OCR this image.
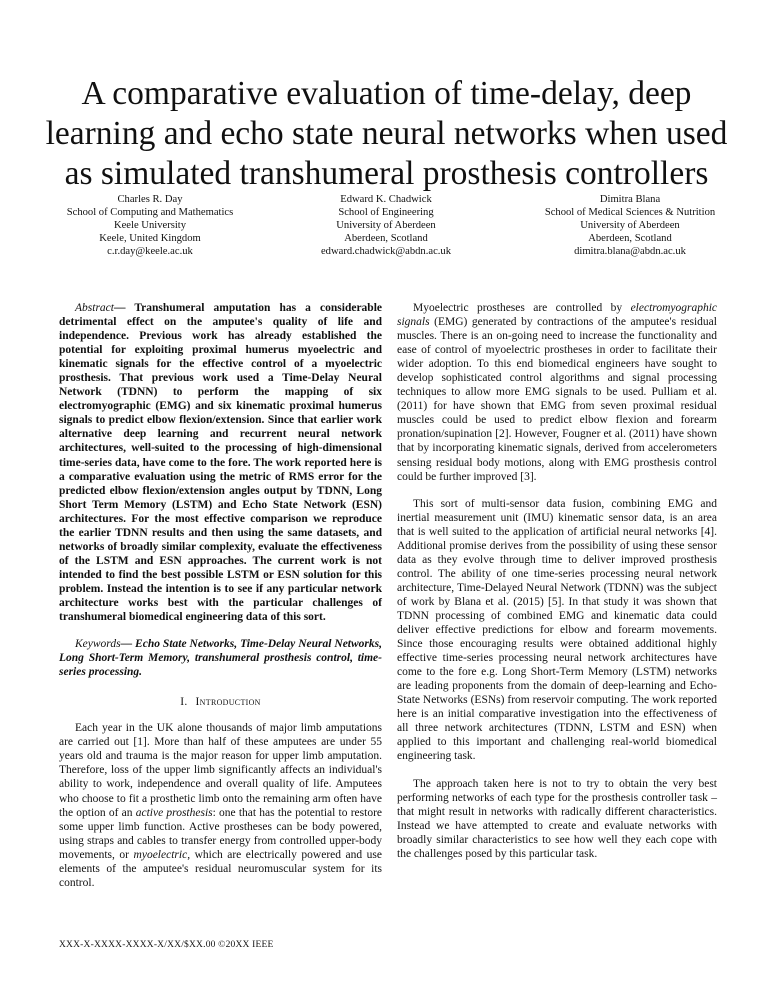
A comparative evaluation of time-delay, deep learning and echo state neural networks when used as simulated transhumeral prosthesis controllers
Charles R. Day
School of Computing and Mathematics
Keele University
Keele, United Kingdom
c.r.day@keele.ac.uk
Edward K. Chadwick
School of Engineering
University of Aberdeen
Aberdeen, Scotland
edward.chadwick@abdn.ac.uk
Dimitra Blana
School of Medical Sciences & Nutrition
University of Aberdeen
Aberdeen, Scotland
dimitra.blana@abdn.ac.uk

Abstract— Transhumeral amputation has a considerable detrimental effect on the amputee's quality of life and independence. Previous work has already established the potential for exploiting proximal humerus myoelectric and kinematic signals for the effective control of a myoelectric prosthesis. That previous work used a Time-Delay Neural Network (TDNN) to perform the mapping of six electromyographic (EMG) and six kinematic proximal humerus signals to predict elbow flexion/extension. Since that earlier work alternative deep learning and recurrent neural network architectures, well-suited to the processing of high-dimensional time-series data, have come to the fore. The work reported here is a comparative evaluation using the metric of RMS error for the predicted elbow flexion/extension angles output by TDNN, Long Short Term Memory (LSTM) and Echo State Network (ESN) architectures. For the most effective comparison we reproduce the earlier TDNN results and then using the same datasets, and networks of broadly similar complexity, evaluate the effectiveness of the LSTM and ESN approaches. The current work is not intended to find the best possible LSTM or ESN solution for this problem. Instead the intention is to see if any particular network architecture works best with the particular challenges of transhumeral biomedical engineering data of this sort.

Keywords— Echo State Networks, Time-Delay Neural Networks, Long Short-Term Memory, transhumeral prosthesis control, time-series processing.

I. Introduction

Each year in the UK alone thousands of major limb amputations are carried out [1]. More than half of these amputees are under 55 years old and trauma is the major reason for upper limb amputation. Therefore, loss of the upper limb significantly affects an individual's ability to work, independence and overall quality of life. Amputees who choose to fit a prosthetic limb onto the remaining arm often have the option of an active prosthesis: one that has the potential to restore some upper limb function. Active prostheses can be body powered, using straps and cables to transfer energy from controlled upper-body movements, or myoelectric, which are electrically powered and use elements of the amputee's residual neuromuscular system for its control.

Myoelectric prostheses are controlled by electromyographic signals (EMG) generated by contractions of the amputee's residual muscles. There is an on-going need to increase the functionality and ease of control of myoelectric prostheses in order to facilitate their wider adoption. To this end biomedical engineers have sought to develop sophisticated control algorithms and signal processing techniques to allow more EMG signals to be used. Pulliam et al. (2011) for have shown that EMG from seven proximal residual muscles could be used to predict elbow flexion and forearm pronation/supination [2]. However, Fougner et al. (2011) have shown that by incorporating kinematic signals, derived from accelerometers sensing residual body motions, along with EMG prosthesis control could be further improved [3].

This sort of multi-sensor data fusion, combining EMG and inertial measurement unit (IMU) kinematic sensor data, is an area that is well suited to the application of artificial neural networks [4]. Additional promise derives from the possibility of using these sensor data as they evolve through time to deliver improved prosthesis control. The ability of one time-series processing neural network architecture, Time-Delayed Neural Network (TDNN) was the subject of work by Blana et al. (2015) [5]. In that study it was shown that TDNN processing of combined EMG and kinematic data could deliver effective predictions for elbow and forearm movements. Since those encouraging results were obtained additional highly effective time-series processing neural network architectures have come to the fore e.g. Long Short-Term Memory (LSTM) networks are leading proponents from the domain of deep-learning and Echo-State Networks (ESNs) from reservoir computing. The work reported here is an initial comparative investigation into the effectiveness of all three network architectures (TDNN, LSTM and ESN) when applied to this important and challenging real-world biomedical engineering task.

The approach taken here is not to try to obtain the very best performing networks of each type for the prosthesis controller task – that might result in networks with radically different characteristics. Instead we have attempted to create and evaluate networks with broadly similar characteristics to see how well they each cope with the challenges posed by this particular task.

XXX-X-XXXX-XXXX-X/XX/$XX.00 ©20XX IEEE
